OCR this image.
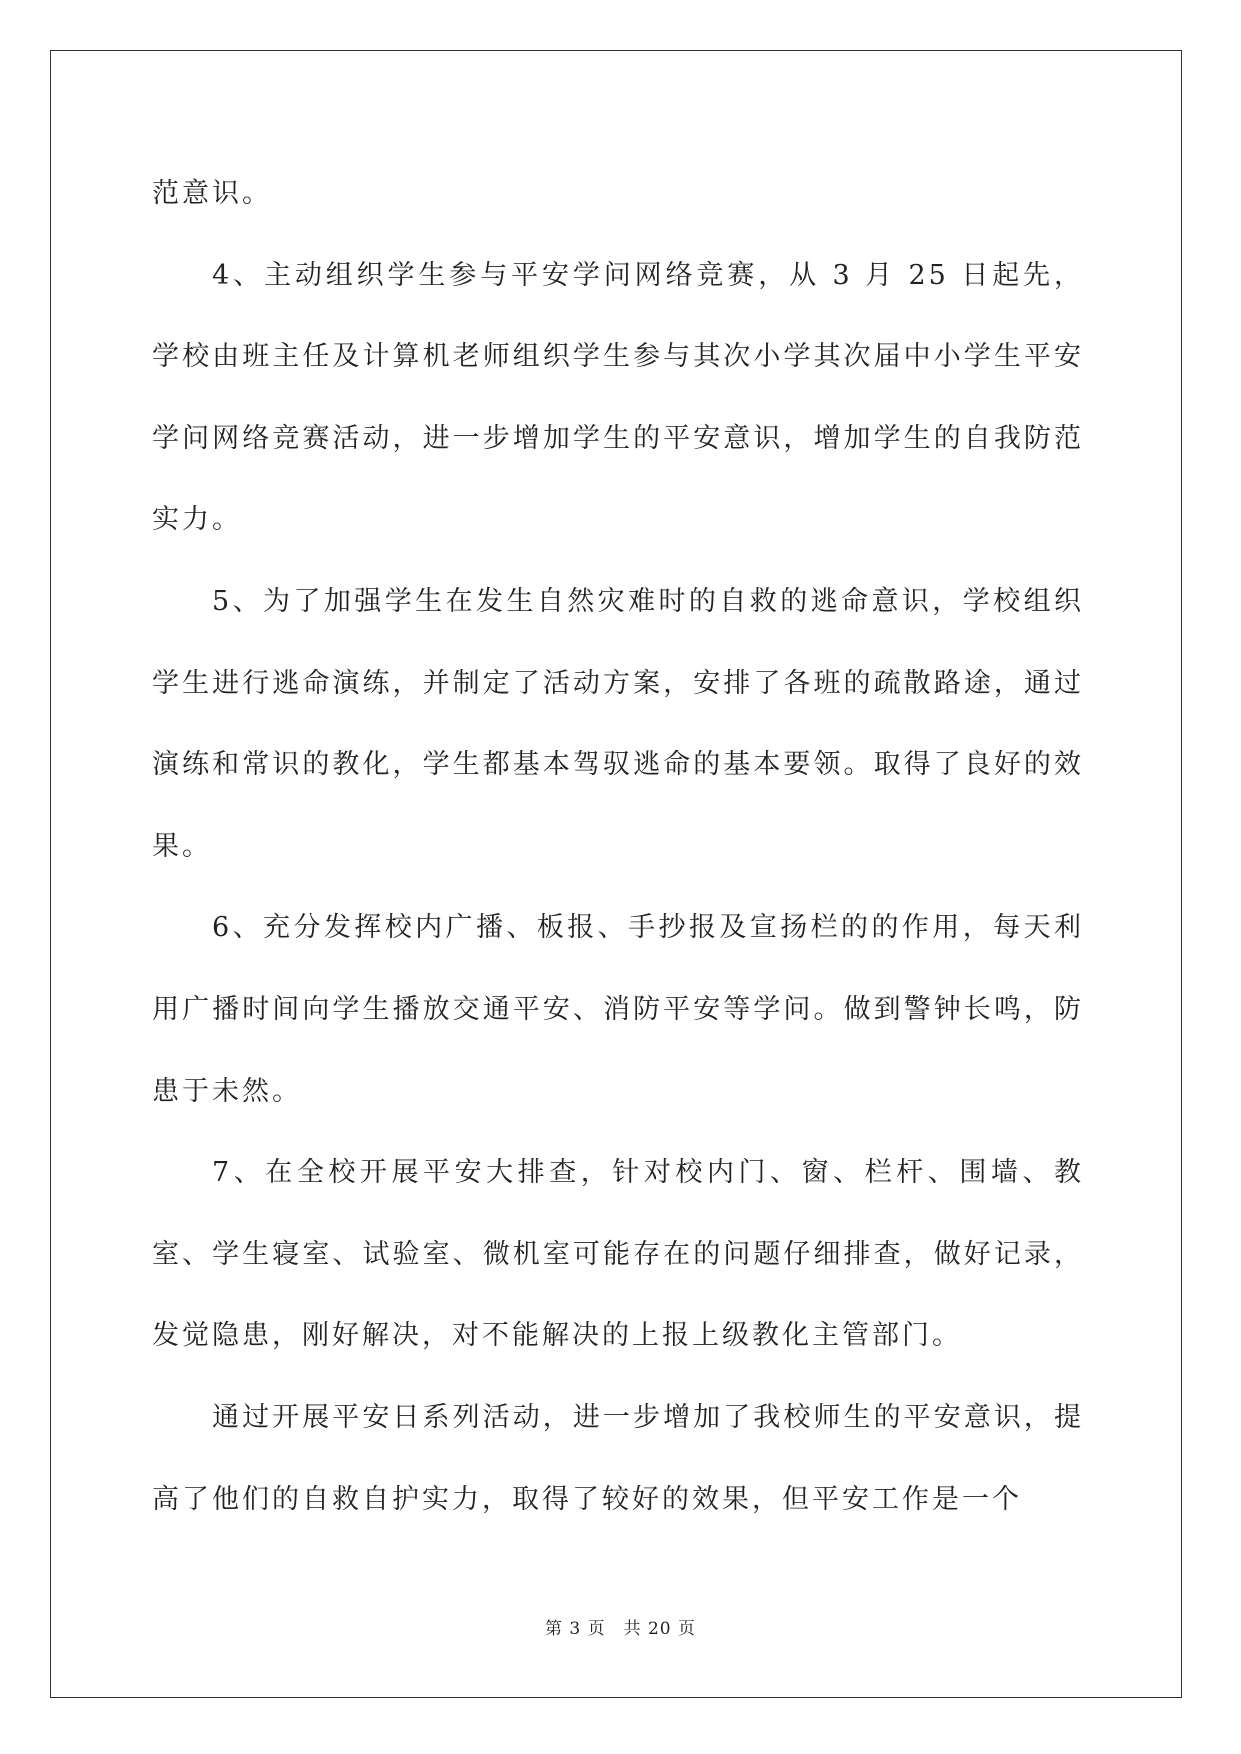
范意识。

4、主动组织学生参与平安学问网络竞赛，从 3 月 25 日起先，学校由班主任及计算机老师组织学生参与其次小学其次届中小学生平安学问网络竞赛活动，进一步增加学生的平安意识，增加学生的自我防范实力。

5、为了加强学生在发生自然灾难时的自救的逃命意识，学校组织学生进行逃命演练，并制定了活动方案，安排了各班的疏散路途，通过演练和常识的教化，学生都基本驾驭逃命的基本要领。取得了良好的效果。

6、充分发挥校内广播、板报、手抄报及宣扬栏的的作用，每天利用广播时间向学生播放交通平安、消防平安等学问。做到警钟长鸣，防患于未然。

7、在全校开展平安大排查，针对校内门、窗、栏杆、围墙、教室、学生寝室、试验室、微机室可能存在的问题仔细排查，做好记录，发觉隐患，刚好解决，对不能解决的上报上级教化主管部门。

通过开展平安日系列活动，进一步增加了我校师生的平安意识，提高了他们的自救自护实力，取得了较好的效果，但平安工作是一个

第 3 页　共 20 页
